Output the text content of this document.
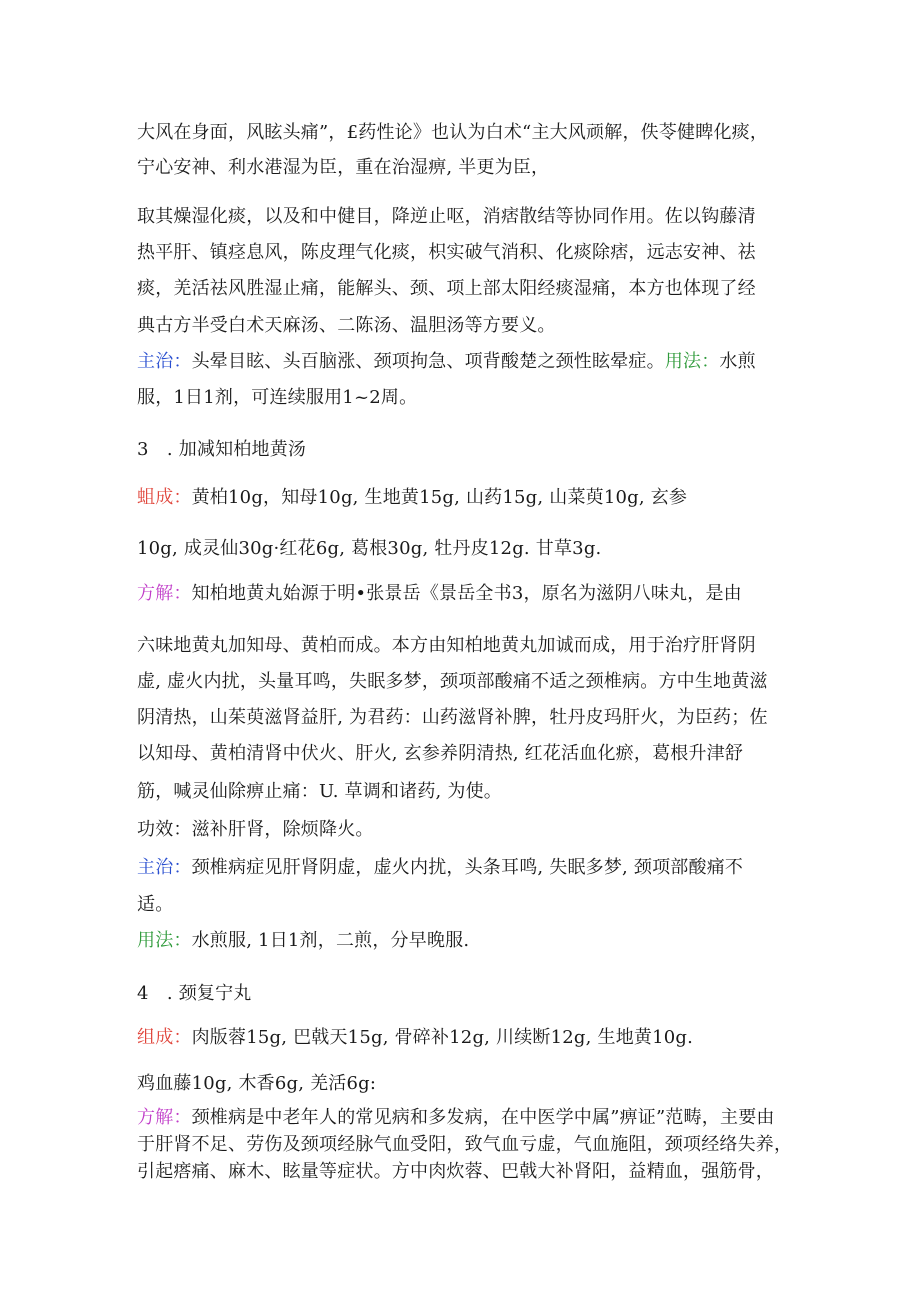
大风在身面，风眩头痛”，£药性论》也认为白术“主大风顽解，佚苓健睥化痰，
宁心安神、利水港湿为臣，重在治湿痹, 半更为臣，
取其燥湿化痰，以及和中健目，降逆止呕，消痞散结等协同作用。佐以钩藤清
热平肝、镇痉息风，陈皮理气化痰，枳实破气消积、化痰除痞，远志安神、祛
痰，羌活祛风胜湿止痛，能解头、颈、项上部太阳经痰湿痛，本方也体现了经
典古方半受白术天麻汤、二陈汤、温胆汤等方要义。
主治：头晕目眩、头百脑涨、颈项拘急、项背酸楚之颈性眩晕症。用法：水煎
服，1日1剂，可连续服用1~2周。
3　. 加减知柏地黄汤
蛆成：黄柏10g，知母10g, 生地黄15g, 山药15g, 山菜萸10g, 玄参
10g, 成灵仙30g·红花6g, 葛根30g, 牡丹皮12g. 甘草3g.
方解：知柏地黄丸始源于明•张景岳《景岳全书3，原名为滋阴八味丸，是由
六味地黄丸加知母、黄柏而成。本方由知柏地黄丸加诚而成，用于治疗肝肾阴
虚, 虚火内扰，头量耳鸣，失眠多梦，颈项部酸痛不适之颈椎病。方中生地黄滋
阴清热，山茱萸滋肾益肝, 为君药：山药滋肾补脾，牡丹皮玛肝火，为臣药；佐
以知母、黄柏清肾中伏火、肝火, 玄参养阴清热, 红花活血化瘀，葛根升津舒
筋，喊灵仙除痹止痛：U. 草调和诸药, 为使。
功效：滋补肝肾，除烦降火。
主治：颈椎病症见肝肾阴虚，虚火内扰，头条耳鸣, 失眠多梦, 颈项部酸痛不
适。
用法：水煎服, 1日1剂，二煎，分早晚服.
4　. 颈复宁丸
组成：肉版蓉15g, 巴戟天15g, 骨碎补12g, 川续断12g, 生地黄10g.
鸡血藤10g, 木香6g, 羌活6g:
方解：颈椎病是中老年人的常见病和多发病，在中医学中属”痹证”范畴，主要由
于肝肾不足、劳伤及颈项经脉气血受阳，致气血亏虚，气血施阻，颈项经络失养，
引起瘩痛、麻木、眩量等症状。方中肉炊蓉、巴戟大补肾阳，益精血，强筋骨，
